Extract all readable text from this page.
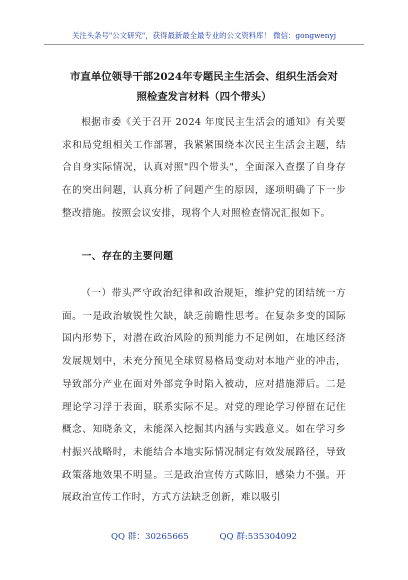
关注头条号"公文研究"，获得最新最全最专业的公文资料库！ 微信：gongwenyj
市直单位领导干部2024年专题民主生活会、组织生活会对
照检查发言材料（四个带头）

根据市委《关于召开 2024 年度民主生活会的通知》有关要求和局党组相关工作部署，我紧紧围绕本次民主生活会主题，结合自身实际情况，认真对照"四个带头"，全面深入查摆了自身存在的突出问题，认真分析了问题产生的原因，逐项明确了下一步整改措施。按照会议安排，现将个人对照检查情况汇报如下。

一、存在的主要问题

（一）带头严守政治纪律和政治规矩，维护党的团结统一方面。一是政治敏锐性欠缺，缺乏前瞻性思考。在复杂多变的国际国内形势下，对潜在政治风险的预判能力不足例如，在地区经济发展规划中，未充分预见全球贸易格局变动对本地产业的冲击，导致部分产业在面对外部竞争时陷入被动，应对措施滞后。二是理论学习浮于表面，联系实际不足。对党的理论学习停留在记住概念、知晓条文，未能深入挖掘其内涵与实践意义。如在学习乡村振兴战略时，未能结合本地实际情况制定有效发展路径，导致政策落地效果不明显。三是政治宣传方式陈旧，感染力不强。开展政治宣传工作时，方式方法缺乏创新，难以吸引

QQ 群：30265665	QQ 群:535304092
